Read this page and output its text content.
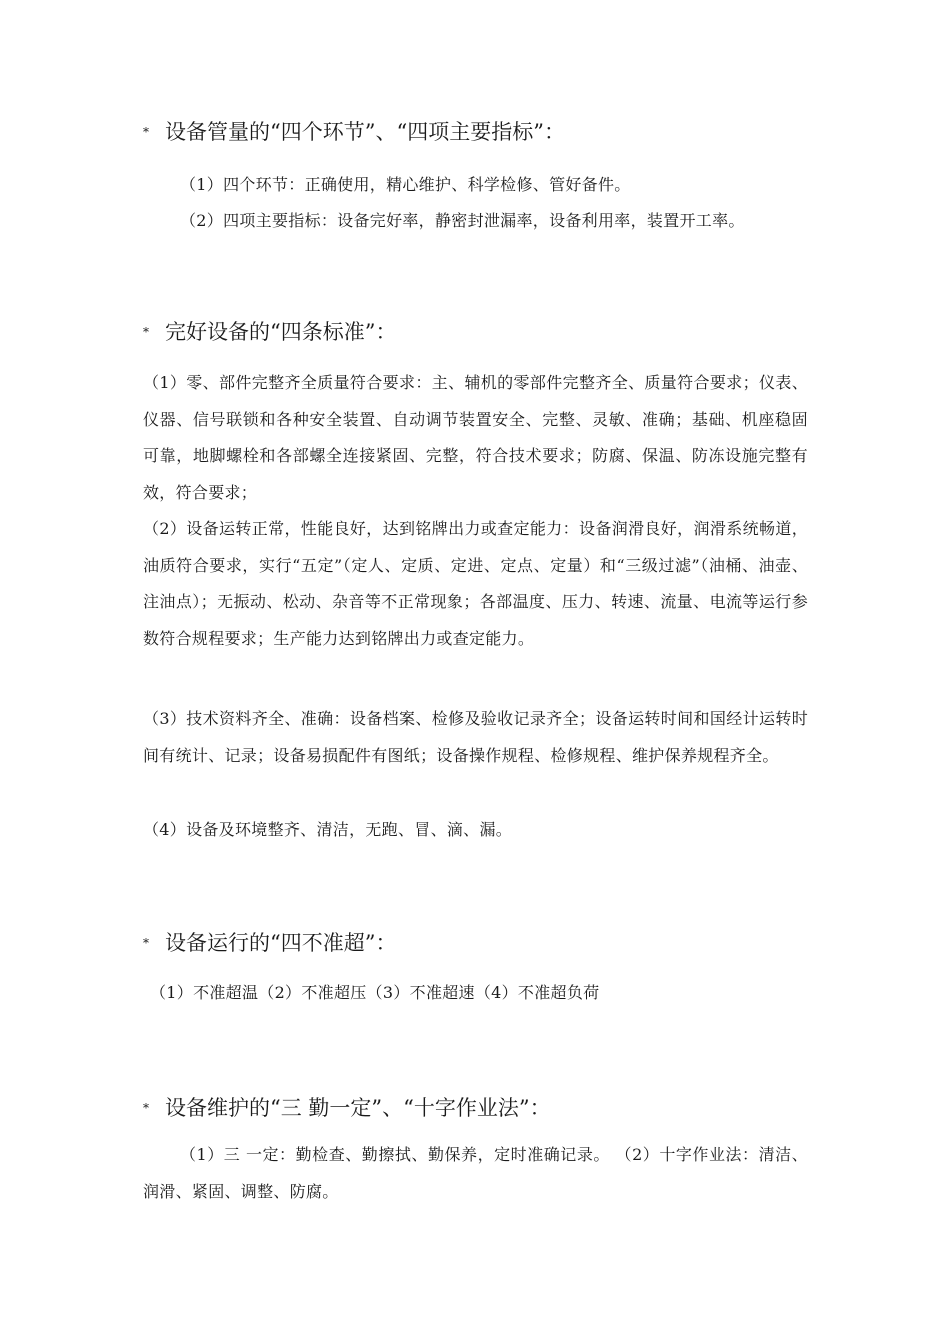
* 设备管量的“四个环节”、“四项主要指标”：
（1）四个环节：正确使用，精心维护、科学检修、管好备件。
（2）四项主要指标：设备完好率，静密封泄漏率，设备利用率，装置开工率。
* 完好设备的“四条标准”：
（1）零、部件完整齐全质量符合要求：主、辅机的零部件完整齐全、质量符合要求；仪表、仪器、信号联锁和各种安全装置、自动调节装置安全、完整、灵敏、准确；基础、机座稳固可靠，地脚螺栓和各部螺全连接紧固、完整，符合技术要求；防腐、保温、防冻设施完整有效，符合要求；
（2）设备运转正常，性能良好，达到铭牌出力或查定能力：设备润滑良好，润滑系统畅道，油质符合要求，实行“五定”（定人、定质、定进、定点、定量）和“三级过滤”（油桶、油壶、注油点）；无振动、松动、杂音等不正常现象；各部温度、压力、转速、流量、电流等运行参数符合规程要求；生产能力达到铭牌出力或查定能力。
（3）技术资料齐全、准确：设备档案、检修及验收记录齐全；设备运转时间和国经计运转时间有统计、记录；设备易损配件有图纸；设备操作规程、检修规程、维护保养规程齐全。
（4）设备及环境整齐、清洁，无跑、冒、滴、漏。
* 设备运行的“四不准超”：
（1）不准超温（2）不准超压（3）不准超速（4）不准超负荷
* 设备维护的“三 勤一定”、“十字作业法”：
（1）三 一定：勤检查、勤擦拭、勤保养，定时准确记录。 （2）十字作业法：清洁、润滑、紧固、调整、防腐。
